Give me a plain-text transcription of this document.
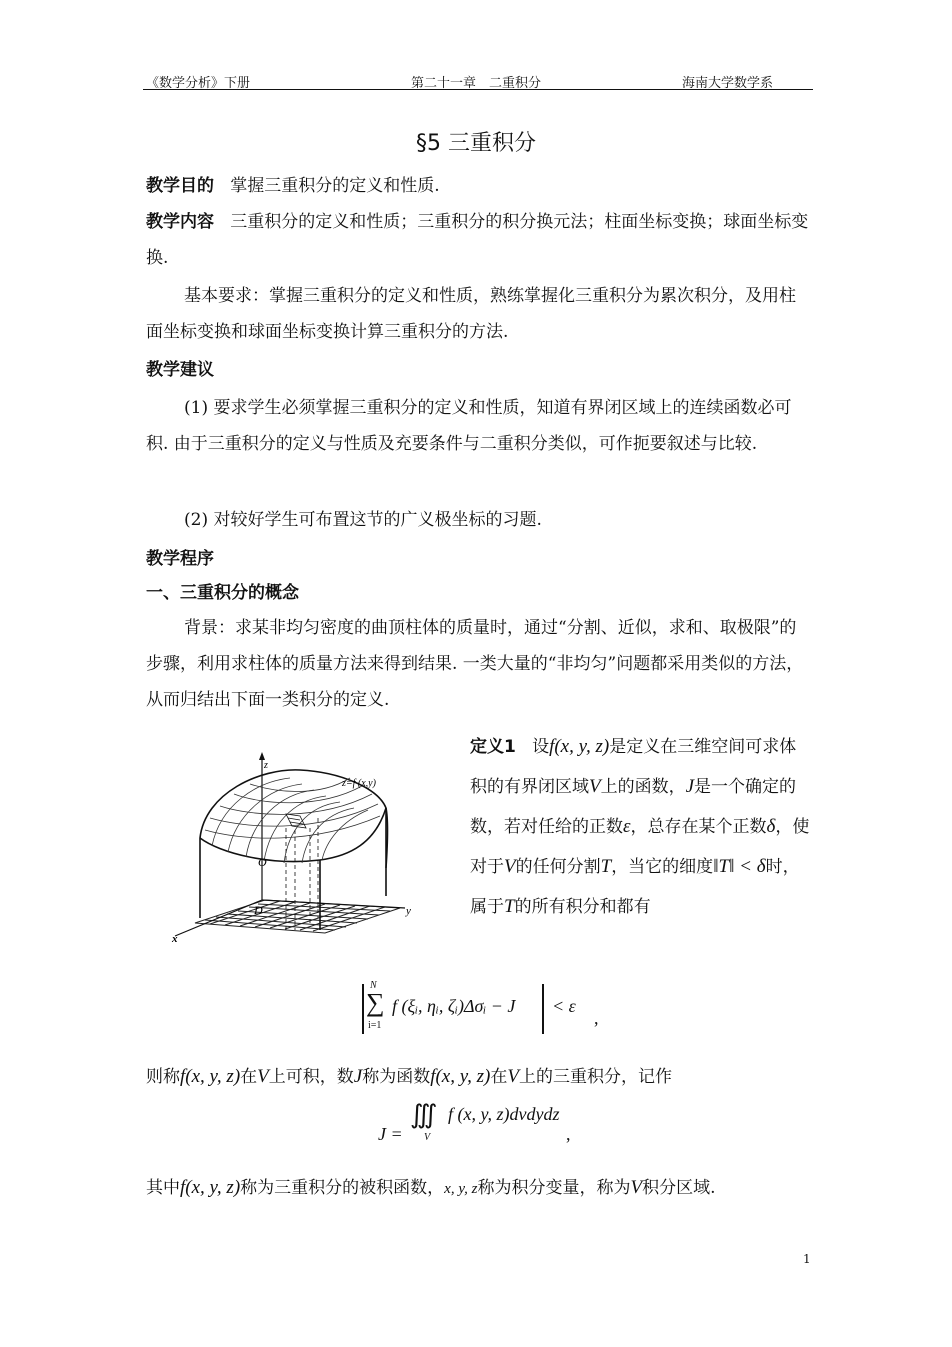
《数学分析》下册	第二十一章　二重积分	海南大学数学系
§5 三重积分
教学目的 掌握三重积分的定义和性质.
教学内容 三重积分的定义和性质；三重积分的积分换元法；柱面坐标变换；球面坐标变换.
基本要求：掌握三重积分的定义和性质，熟练掌握化三重积分为累次积分，及用柱面坐标变换和球面坐标变换计算三重积分的方法.
教学建议
(1) 要求学生必须掌握三重积分的定义和性质，知道有界闭区域上的连续函数必可积. 由于三重积分的定义与性质及充要条件与二重积分类似，可作扼要叙述与比较.
(2) 对较好学生可布置这节的广义极坐标的习题.
教学程序
一、三重积分的概念
背景：求某非均匀密度的曲顶柱体的质量时，通过“分割、近似，求和、取极限”的步骤，利用求柱体的质量方法来得到结果. 一类大量的“非均匀”问题都采用类似的方法，从而归结出下面一类积分的定义.
z
z=f (x,y)
O
D
x
y
定义1 设f(x, y, z)是定义在三维空间可求体积的有界闭区域V上的函数，J是一个确定的数，若对任给的正数ε，总存在某个正数δ，使对于V的任何分割T，当它的细度‖T‖ < δ时，属于T的所有积分和都有
N
∑
i=1
f (ξᵢ, ηᵢ, ζᵢ)Δσᵢ − J < ε
,
则称f(x, y, z)在V上可积，数J称为函数f(x, y, z)在V上的三重积分，记作
J =
∭
V
f (x, y, z)dvdydz
,
其中f(x, y, z)称为三重积分的被积函数，x, y, z称为积分变量，称为V积分区域.
1
